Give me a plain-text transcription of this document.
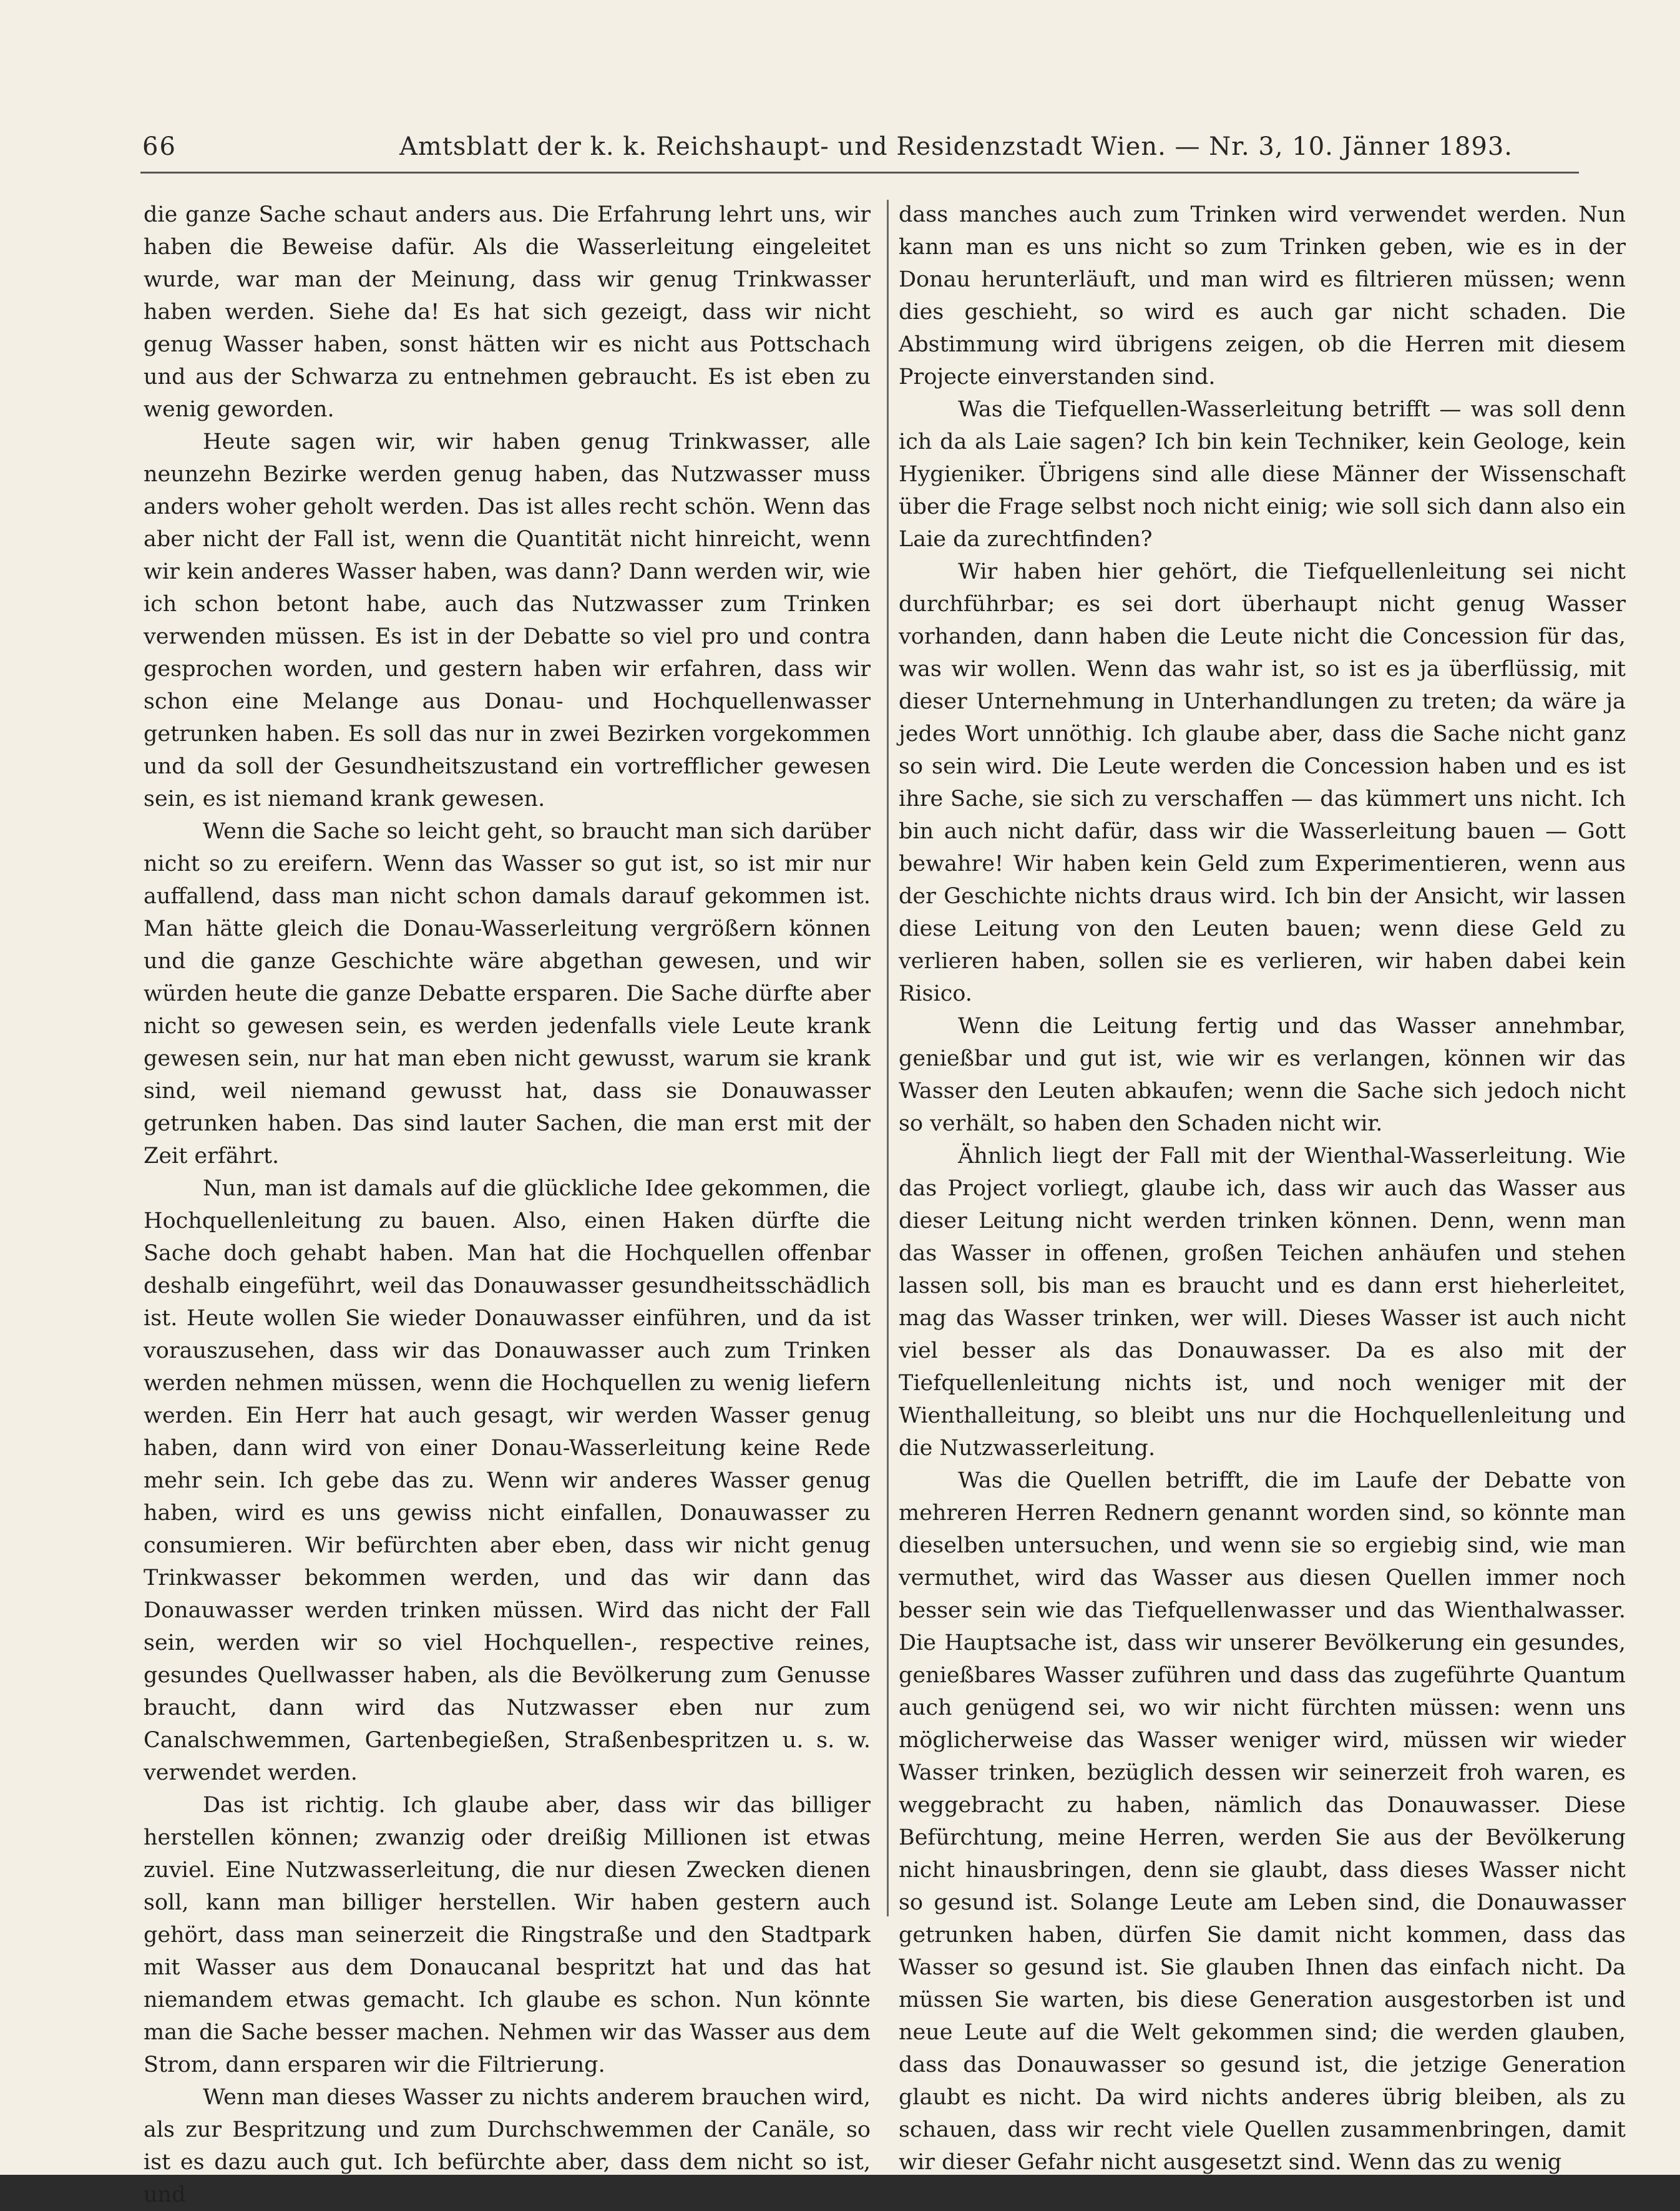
66	Amtsblatt der k. k. Reichshaupt- und Residenzstadt Wien. — Nr. 3, 10. Jänner 1893.

die ganze Sache schaut anders aus. Die Erfahrung lehrt uns, wir haben die Beweise dafür. Als die Wasserleitung eingeleitet wurde, war man der Meinung, dass wir genug Trinkwasser haben werden. Siehe da! Es hat sich gezeigt, dass wir nicht genug Wasser haben, sonst hätten wir es nicht aus Pottschach und aus der Schwarza zu entnehmen gebraucht. Es ist eben zu wenig geworden.

Heute sagen wir, wir haben genug Trinkwasser, alle neunzehn Bezirke werden genug haben, das Nutzwasser muss anders woher geholt werden. Das ist alles recht schön. Wenn das aber nicht der Fall ist, wenn die Quantität nicht hinreicht, wenn wir kein anderes Wasser haben, was dann? Dann werden wir, wie ich schon betont habe, auch das Nutzwasser zum Trinken verwenden müssen. Es ist in der Debatte so viel pro und contra gesprochen worden, und gestern haben wir erfahren, dass wir schon eine Melange aus Donau- und Hochquellenwasser getrunken haben. Es soll das nur in zwei Bezirken vorgekommen und da soll der Gesundheitszustand ein vortrefflicher gewesen sein, es ist niemand krank gewesen.

Wenn die Sache so leicht geht, so braucht man sich darüber nicht so zu ereifern. Wenn das Wasser so gut ist, so ist mir nur auffallend, dass man nicht schon damals darauf gekommen ist. Man hätte gleich die Donau-Wasserleitung vergrößern können und die ganze Geschichte wäre abgethan gewesen, und wir würden heute die ganze Debatte ersparen. Die Sache dürfte aber nicht so gewesen sein, es werden jedenfalls viele Leute krank gewesen sein, nur hat man eben nicht gewusst, warum sie krank sind, weil niemand gewusst hat, dass sie Donauwasser getrunken haben. Das sind lauter Sachen, die man erst mit der Zeit erfährt.

Nun, man ist damals auf die glückliche Idee gekommen, die Hochquellenleitung zu bauen. Also, einen Haken dürfte die Sache doch gehabt haben. Man hat die Hochquellen offenbar deshalb eingeführt, weil das Donauwasser gesundheitsschädlich ist. Heute wollen Sie wieder Donauwasser einführen, und da ist vorauszusehen, dass wir das Donauwasser auch zum Trinken werden nehmen müssen, wenn die Hochquellen zu wenig liefern werden. Ein Herr hat auch gesagt, wir werden Wasser genug haben, dann wird von einer Donau-Wasserleitung keine Rede mehr sein. Ich gebe das zu. Wenn wir anderes Wasser genug haben, wird es uns gewiss nicht einfallen, Donauwasser zu consumieren. Wir befürchten aber eben, dass wir nicht genug Trinkwasser bekommen werden, und das wir dann das Donauwasser werden trinken müssen. Wird das nicht der Fall sein, werden wir so viel Hochquellen-, respective reines, gesundes Quellwasser haben, als die Bevölkerung zum Genusse braucht, dann wird das Nutzwasser eben nur zum Canalschwemmen, Gartenbegießen, Straßenbespritzen u. s. w. verwendet werden.

Das ist richtig. Ich glaube aber, dass wir das billiger herstellen können; zwanzig oder dreißig Millionen ist etwas zuviel. Eine Nutzwasserleitung, die nur diesen Zwecken dienen soll, kann man billiger herstellen. Wir haben gestern auch gehört, dass man seinerzeit die Ringstraße und den Stadtpark mit Wasser aus dem Donaucanal bespritzt hat und das hat niemandem etwas gemacht. Ich glaube es schon. Nun könnte man die Sache besser machen. Nehmen wir das Wasser aus dem Strom, dann ersparen wir die Filtrierung.

Wenn man dieses Wasser zu nichts anderem brauchen wird, als zur Bespritzung und zum Durchschwemmen der Canäle, so ist es dazu auch gut. Ich befürchte aber, dass dem nicht so ist, und

dass manches auch zum Trinken wird verwendet werden. Nun kann man es uns nicht so zum Trinken geben, wie es in der Donau herunterläuft, und man wird es filtrieren müssen; wenn dies geschieht, so wird es auch gar nicht schaden. Die Abstimmung wird übrigens zeigen, ob die Herren mit diesem Projecte einverstanden sind.

Was die Tiefquellen-Wasserleitung betrifft — was soll denn ich da als Laie sagen? Ich bin kein Techniker, kein Geologe, kein Hygieniker. Übrigens sind alle diese Männer der Wissenschaft über die Frage selbst noch nicht einig; wie soll sich dann also ein Laie da zurechtfinden?

Wir haben hier gehört, die Tiefquellenleitung sei nicht durchführbar; es sei dort überhaupt nicht genug Wasser vorhanden, dann haben die Leute nicht die Concession für das, was wir wollen. Wenn das wahr ist, so ist es ja überflüssig, mit dieser Unternehmung in Unterhandlungen zu treten; da wäre ja jedes Wort unnöthig. Ich glaube aber, dass die Sache nicht ganz so sein wird. Die Leute werden die Concession haben und es ist ihre Sache, sie sich zu verschaffen — das kümmert uns nicht. Ich bin auch nicht dafür, dass wir die Wasserleitung bauen — Gott bewahre! Wir haben kein Geld zum Experimentieren, wenn aus der Geschichte nichts draus wird. Ich bin der Ansicht, wir lassen diese Leitung von den Leuten bauen; wenn diese Geld zu verlieren haben, sollen sie es verlieren, wir haben dabei kein Risico.

Wenn die Leitung fertig und das Wasser annehmbar, genießbar und gut ist, wie wir es verlangen, können wir das Wasser den Leuten abkaufen; wenn die Sache sich jedoch nicht so verhält, so haben den Schaden nicht wir.

Ähnlich liegt der Fall mit der Wienthal-Wasserleitung. Wie das Project vorliegt, glaube ich, dass wir auch das Wasser aus dieser Leitung nicht werden trinken können. Denn, wenn man das Wasser in offenen, großen Teichen anhäufen und stehen lassen soll, bis man es braucht und es dann erst hieherleitet, mag das Wasser trinken, wer will. Dieses Wasser ist auch nicht viel besser als das Donauwasser. Da es also mit der Tiefquellenleitung nichts ist, und noch weniger mit der Wienthalleitung, so bleibt uns nur die Hochquellenleitung und die Nutzwasserleitung.

Was die Quellen betrifft, die im Laufe der Debatte von mehreren Herren Rednern genannt worden sind, so könnte man dieselben untersuchen, und wenn sie so ergiebig sind, wie man vermuthet, wird das Wasser aus diesen Quellen immer noch besser sein wie das Tiefquellenwasser und das Wienthalwasser. Die Hauptsache ist, dass wir unserer Bevölkerung ein gesundes, genießbares Wasser zuführen und dass das zugeführte Quantum auch genügend sei, wo wir nicht fürchten müssen: wenn uns möglicherweise das Wasser weniger wird, müssen wir wieder Wasser trinken, bezüglich dessen wir seinerzeit froh waren, es weggebracht zu haben, nämlich das Donauwasser. Diese Befürchtung, meine Herren, werden Sie aus der Bevölkerung nicht hinausbringen, denn sie glaubt, dass dieses Wasser nicht so gesund ist. Solange Leute am Leben sind, die Donauwasser getrunken haben, dürfen Sie damit nicht kommen, dass das Wasser so gesund ist. Sie glauben Ihnen das einfach nicht. Da müssen Sie warten, bis diese Generation ausgestorben ist und neue Leute auf die Welt gekommen sind; die werden glauben, dass das Donauwasser so gesund ist, die jetzige Generation glaubt es nicht. Da wird nichts anderes übrig bleiben, als zu schauen, dass wir recht viele Quellen zusammenbringen, damit wir dieser Gefahr nicht ausgesetzt sind. Wenn das zu wenig
